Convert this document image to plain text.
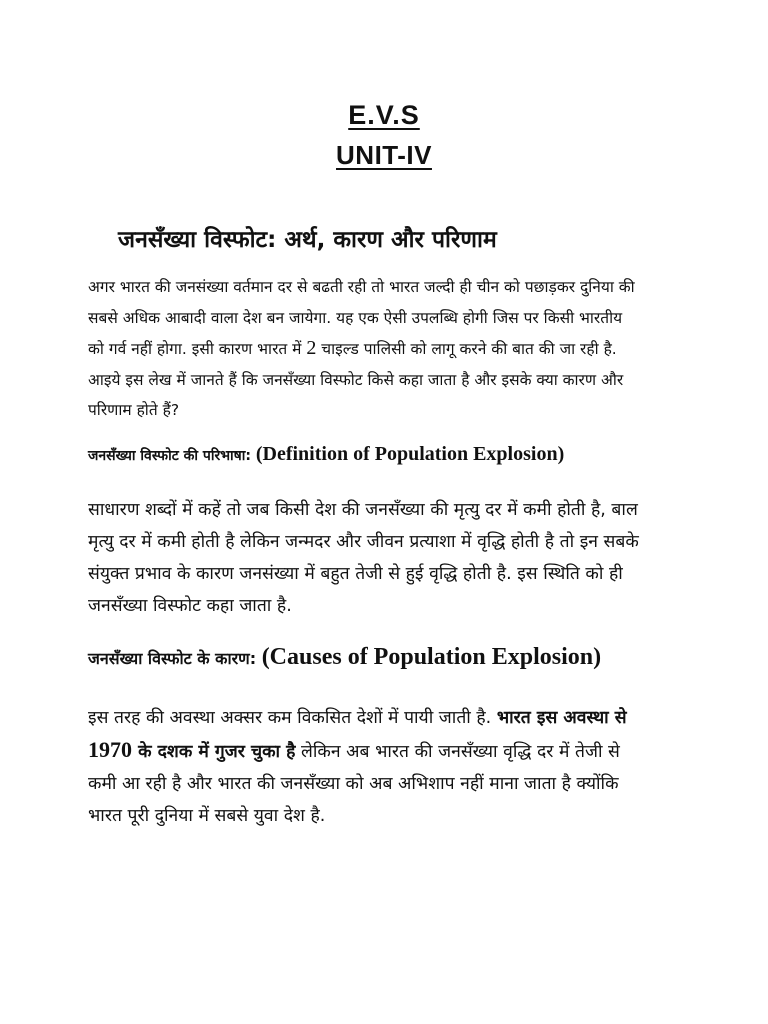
E.V.S
UNIT-IV
जनसँख्या विस्फोट: अर्थ, कारण और परिणाम
अगर भारत की जनसंख्या वर्तमान दर से बढती रही तो भारत जल्दी ही चीन को पछाड़कर दुनिया की
सबसे अधिक आबादी वाला देश बन जायेगा. यह एक ऐसी उपलब्धि होगी जिस पर किसी भारतीय
को गर्व नहीं होगा. इसी कारण भारत में 2 चाइल्ड पालिसी को लागू करने की बात की जा रही है.
आइये इस लेख में जानते हैं कि जनसँख्या विस्फोट किसे कहा जाता है और इसके क्या कारण और
परिणाम होते हैं?
जनसँख्या विस्फोट की परिभाषा: (Definition of Population Explosion)
साधारण शब्दों में कहें तो जब किसी देश की जनसँख्या की मृत्यु दर में कमी होती है, बाल
मृत्यु दर में कमी होती है लेकिन जन्मदर और जीवन प्रत्याशा में वृद्धि होती है तो इन सबके
संयुक्त प्रभाव के कारण जनसंख्या में बहुत तेजी से हुई वृद्धि होती है. इस स्थिति को ही
जनसँख्या विस्फोट कहा जाता है.
जनसँख्या विस्फोट के कारण: (Causes of Population Explosion)
इस तरह की अवस्था अक्सर कम विकसित देशों में पायी जाती है. भारत इस अवस्था से
1970 के दशक में गुजर चुका है लेकिन अब भारत की जनसँख्या वृद्धि दर में तेजी से
कमी आ रही है और भारत की जनसँख्या को अब अभिशाप नहीं माना जाता है क्योंकि
भारत पूरी दुनिया में सबसे युवा देश है.
